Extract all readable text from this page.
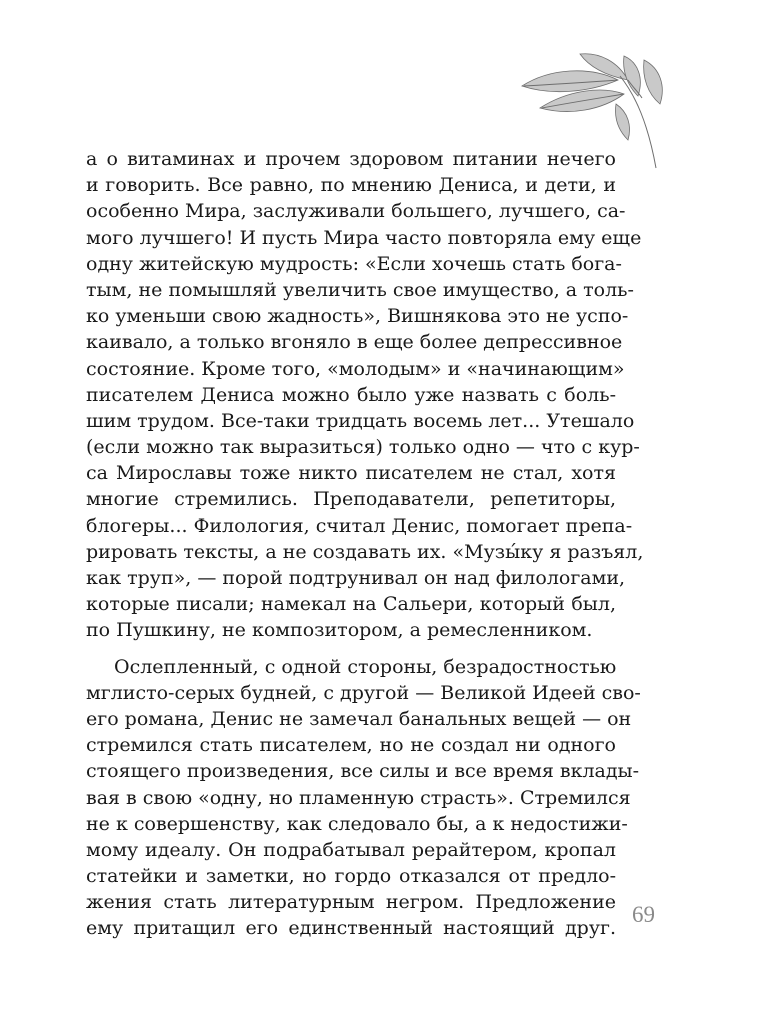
а о витаминах и прочем здоровом питании нечего
и говорить. Все равно, по мнению Дениса, и дети, и
особенно Мира, заслуживали большего, лучшего, са-
мого лучшего! И пусть Мира часто повторяла ему еще
одну житейскую мудрость: «Если хочешь стать бога-
тым, не помышляй увеличить свое имущество, а толь-
ко уменьши свою жадность», Вишнякова это не успо-
каивало, а только вгоняло в еще более депрессивное
состояние. Кроме того, «молодым» и «начинающим»
писателем Дениса можно было уже назвать с боль-
шим трудом. Все-таки тридцать восемь лет... Утешало
(если можно так выразиться) только одно — что с кур-
са Мирославы тоже никто писателем не стал, хотя
многие стремились. Преподаватели, репетиторы,
блогеры... Филология, считал Денис, помогает препа-
рировать тексты, а не создавать их. «Музы́ку я разъял,
как труп», — порой подтрунивал он над филологами,
которые писали; намекал на Сальери, который был,
по Пушкину, не композитором, а ремесленником.
Ослепленный, с одной стороны, безрадостностью
мглисто-серых будней, с другой — Великой Идеей сво-
его романа, Денис не замечал банальных вещей — он
стремился стать писателем, но не создал ни одного
стоящего произведения, все силы и все время вклады-
вая в свою «одну, но пламенную страсть». Стремился
не к совершенству, как следовало бы, а к недостижи-
мому идеалу. Он подрабатывал рерайтером, кропал
статейки и заметки, но гордо отказался от предло-
жения стать литературным негром. Предложение
ему притащил его единственный настоящий друг.
69
